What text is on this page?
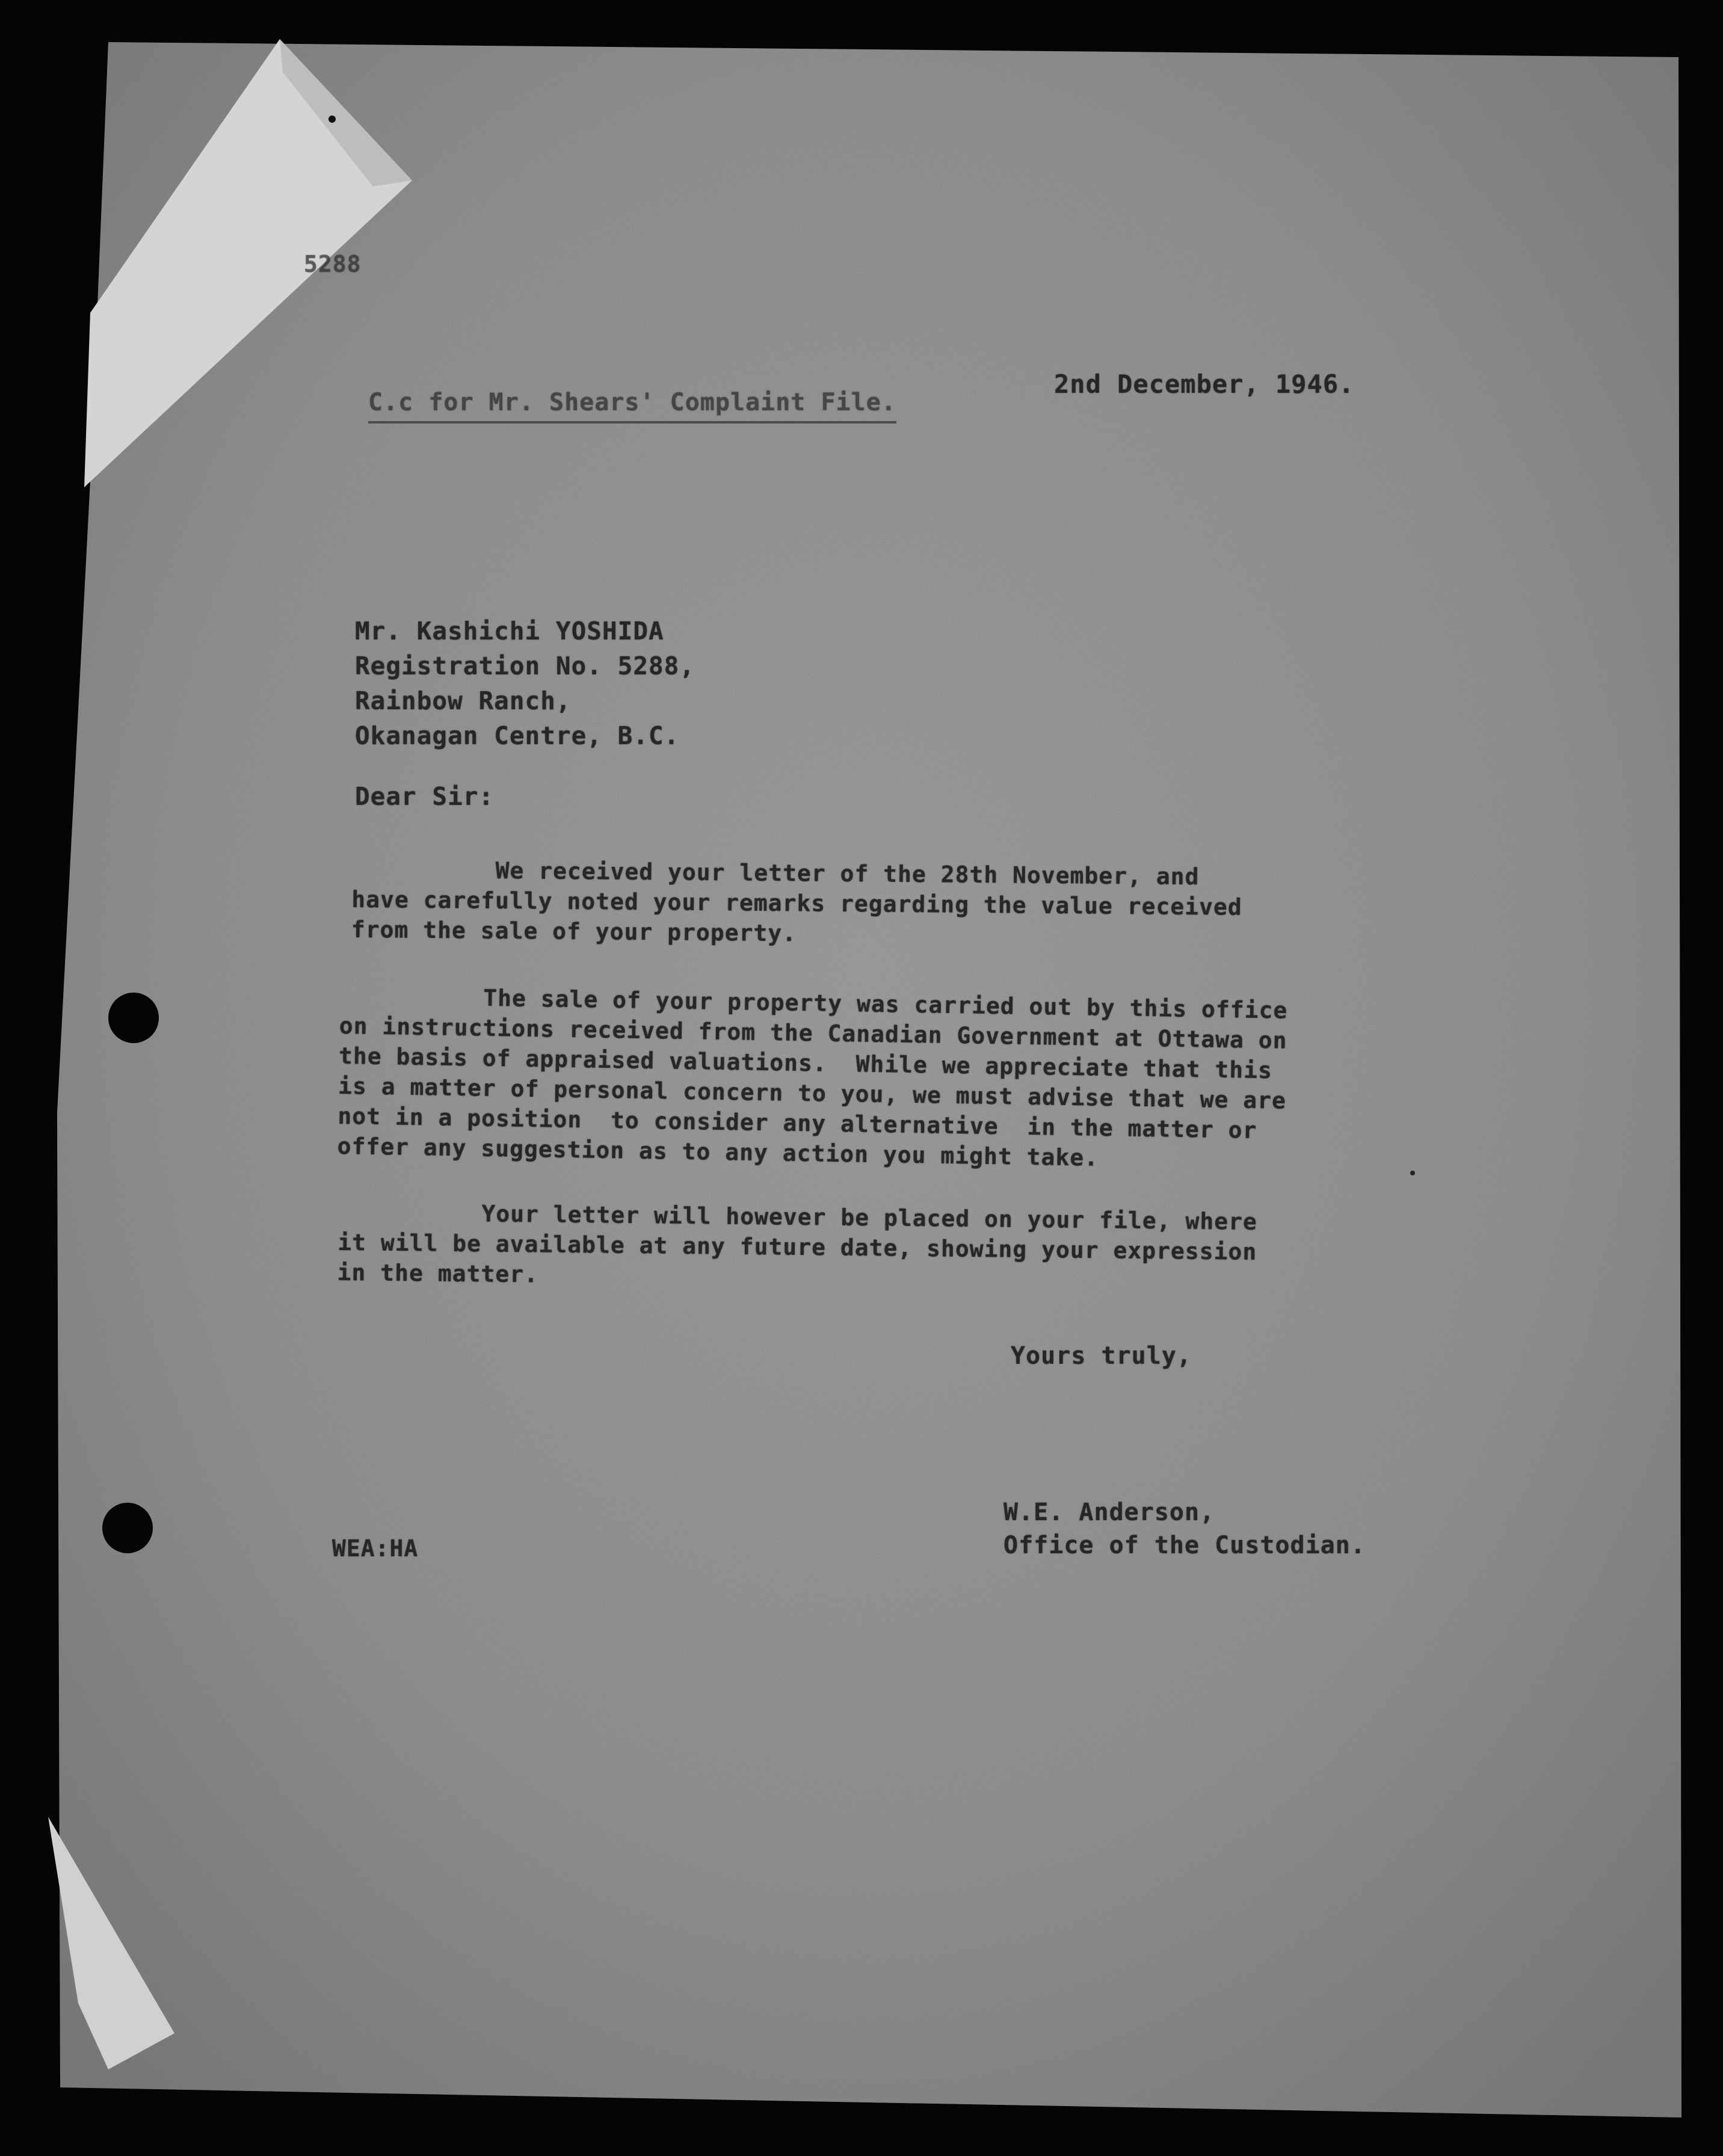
5288
2nd December, 1946.
C.c for Mr. Shears' Complaint File.
Mr. Kashichi YOSHIDA
Registration No. 5288,
Rainbow Ranch,
Okanagan Centre, B.C.
Dear Sir:
We received your letter of the 28th November, and
have carefully noted your remarks regarding the value received
from the sale of your property.
The sale of your property was carried out by this office
on instructions received from the Canadian Government at Ottawa on
the basis of appraised valuations.  While we appreciate that this
is a matter of personal concern to you, we must advise that we are
not in a position  to consider any alternative  in the matter or
offer any suggestion as to any action you might take.
Your letter will however be placed on your file, where
it will be available at any future date, showing your expression
in the matter.
Yours truly,
W.E. Anderson,
Office of the Custodian.
WEA:HA
